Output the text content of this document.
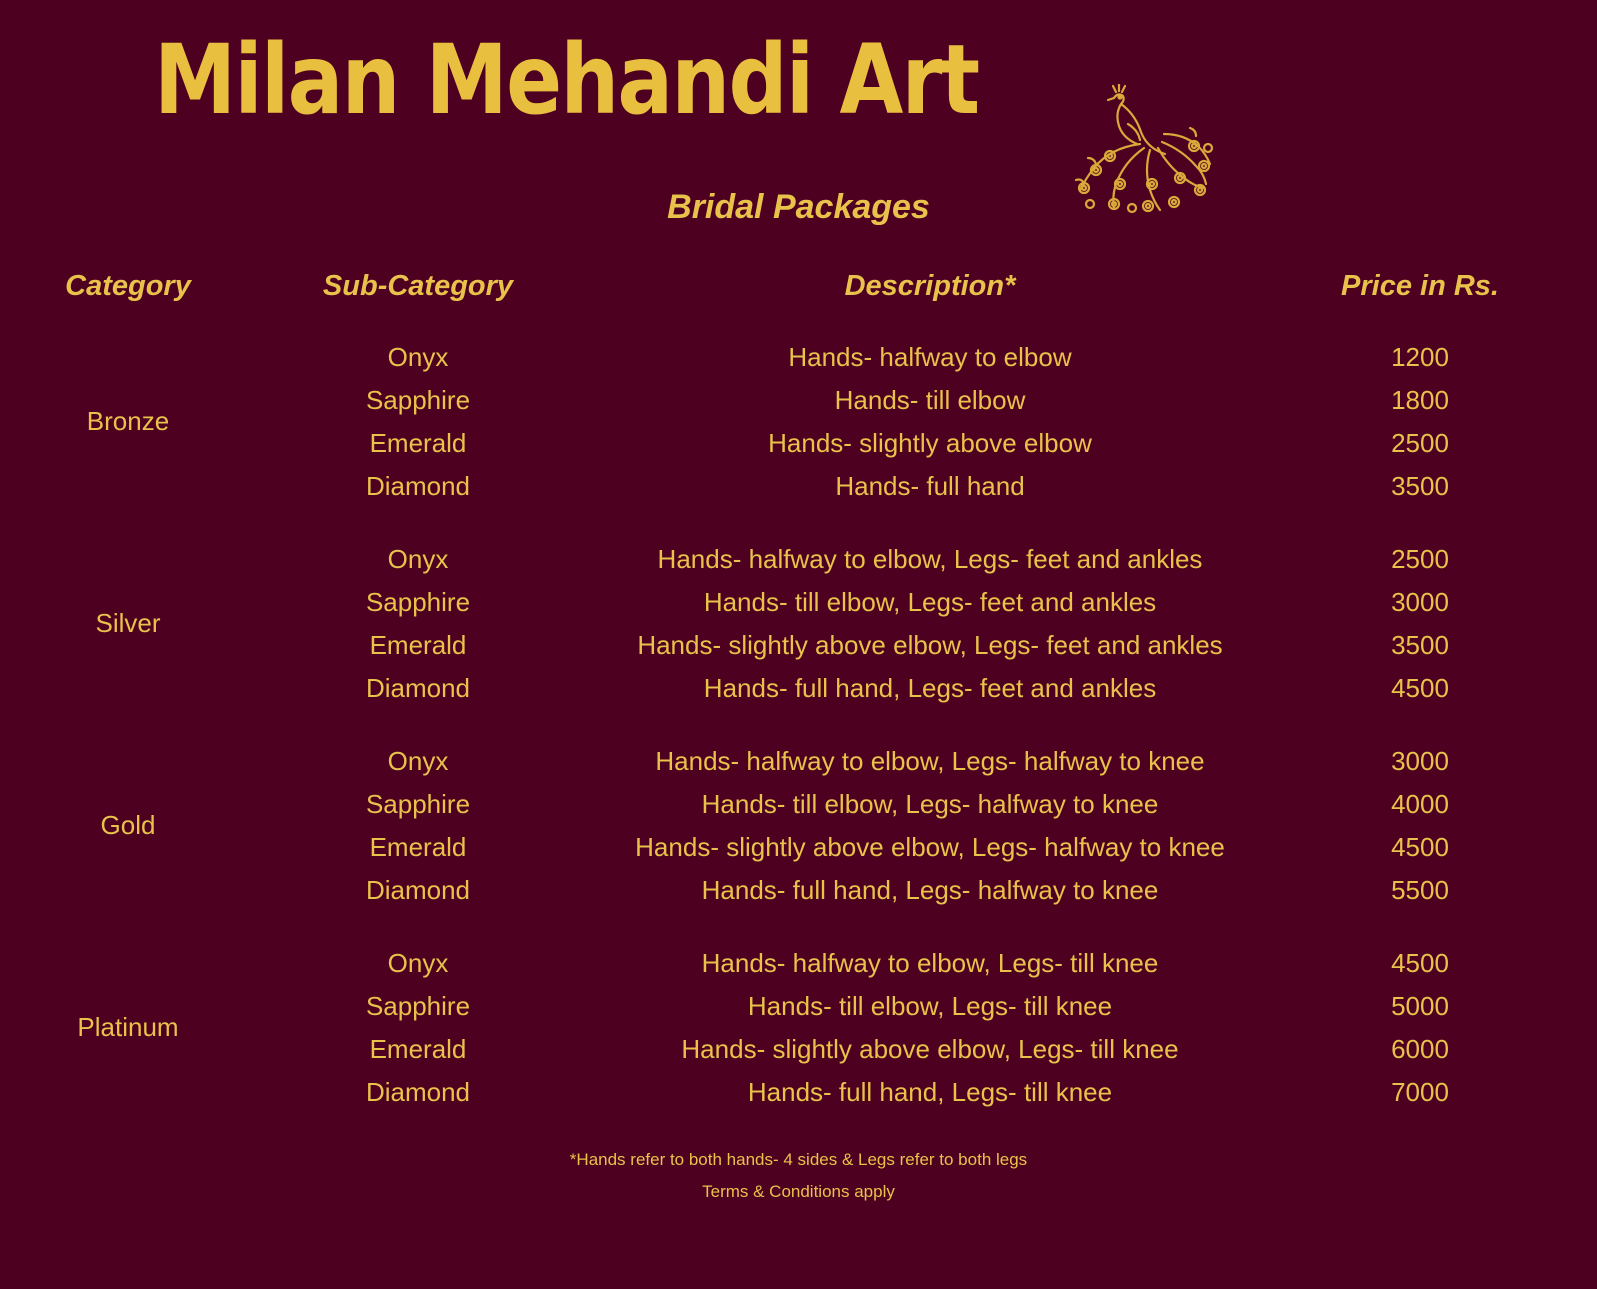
Milan Mehandi Art
Bridal Packages
Category	Sub-Category	Description*	Price in Rs.
Bronze
Onyx	Hands- halfway to elbow	1200
Sapphire	Hands- till elbow	1800
Emerald	Hands- slightly above elbow	2500
Diamond	Hands- full hand	3500
Silver
Onyx	Hands- halfway to elbow, Legs- feet and ankles	2500
Sapphire	Hands- till elbow, Legs- feet and ankles	3000
Emerald	Hands- slightly above elbow, Legs- feet and ankles	3500
Diamond	Hands- full hand, Legs- feet and ankles	4500
Gold
Onyx	Hands- halfway to elbow, Legs- halfway to knee	3000
Sapphire	Hands- till elbow, Legs- halfway to knee	4000
Emerald	Hands- slightly above elbow, Legs- halfway to knee	4500
Diamond	Hands- full hand, Legs- halfway to knee	5500
Platinum
Onyx	Hands- halfway to elbow, Legs- till knee	4500
Sapphire	Hands- till elbow, Legs- till knee	5000
Emerald	Hands- slightly above elbow, Legs- till knee	6000
Diamond	Hands- full hand, Legs- till knee	7000
*Hands refer to both hands- 4 sides & Legs refer to both legs
Terms & Conditions apply
